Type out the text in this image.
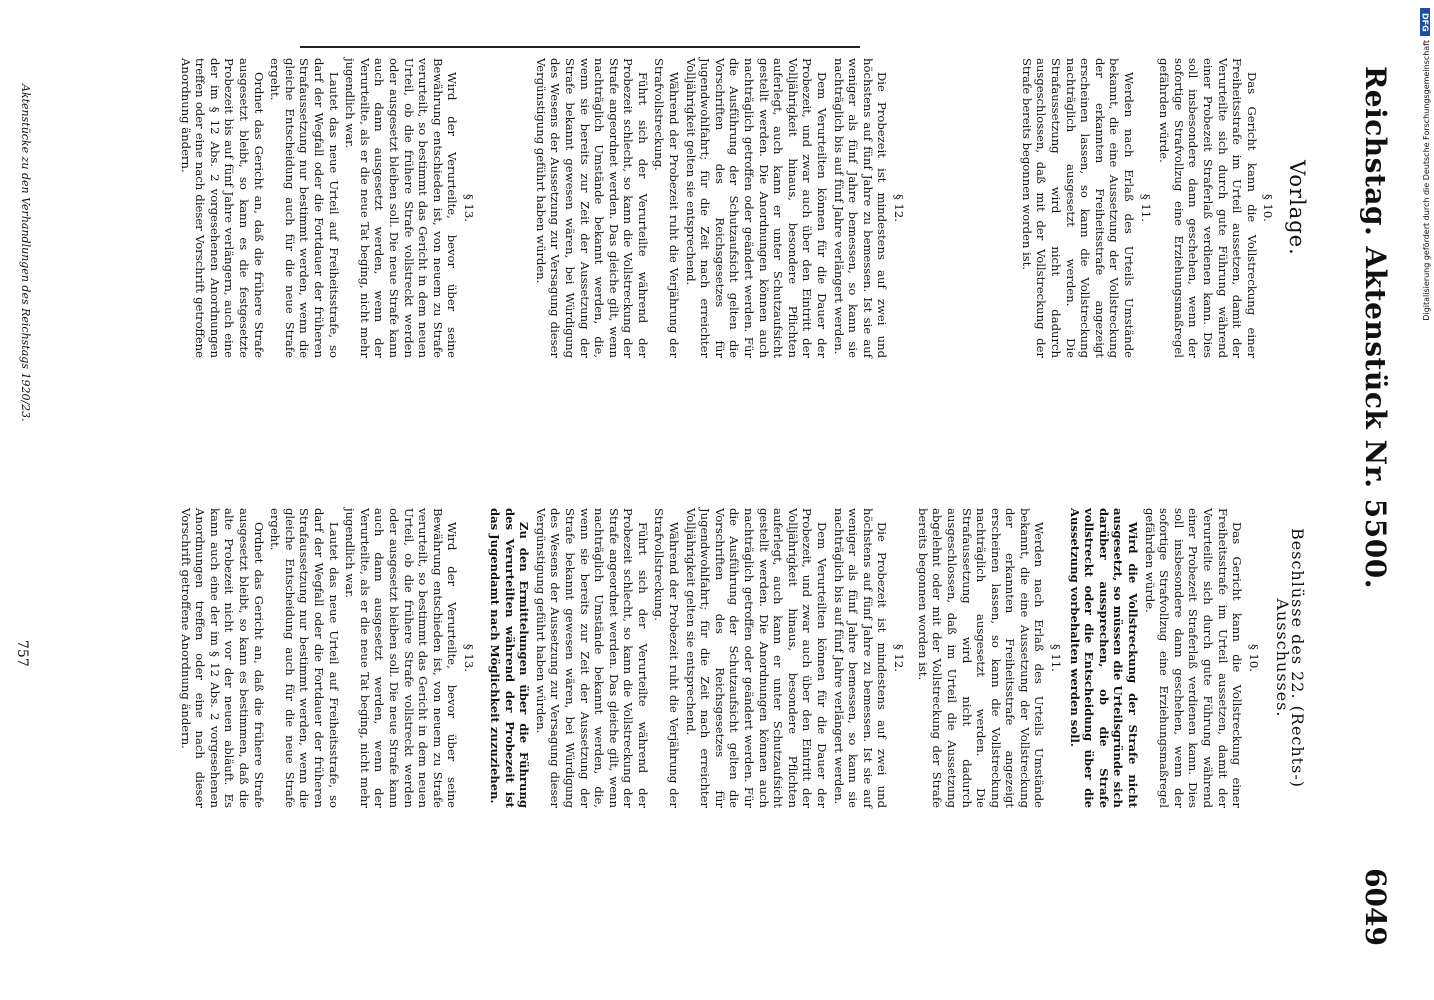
Reichstag. Aktenstück Nr. 5500.
6049
Vorlage.
§ 10.

Das Gericht kann die Vollstreckung einer Freiheitsstrafe im Urteil aussetzen, damit der Verurteilte sich durch gute Führung während einer Probezeit Straferlaß verdienen kann. Dies soll insbesondere dann geschehen, wenn der sofortige Strafvollzug eine Erziehungsmaßregel gefährden würde.

§ 11.

Werden nach Erlaß des Urteils Umstände bekannt, die eine Aussetzung der Vollstreckung der erkannten Freiheitsstrafe angezeigt erscheinen lassen, so kann die Vollstreckung nachträglich ausgesetzt werden. Die Strafaussetzung wird nicht dadurch ausgeschlossen, daß mit der Vollstreckung der Strafe bereits begonnen worden ist.

§ 12.

Die Probezeit ist mindestens auf zwei und höchstens auf fünf Jahre zu bemessen. Ist sie auf weniger als fünf Jahre bemessen, so kann sie nachträglich bis auf fünf Jahre verlängert werden.

Dem Verurteilten können für die Dauer der Probezeit, und zwar auch über den Eintritt der Volljährigkeit hinaus, besondere Pflichten auferlegt, auch kann er unter Schutzaufsicht gestellt werden. Die Anordnungen können auch nachträglich getroffen oder geändert werden. Für die Ausführung der Schutzaufsicht gelten die Vorschriften des Reichsgesetzes für Jugendwohlfahrt; für die Zeit nach erreichter Volljährigkeit gelten sie entsprechend.

Während der Probezeit ruht die Verjährung der Strafvollstreckung.

Führt sich der Verurteilte während der Probezeit schlecht, so kann die Vollstreckung der Strafe angeordnet werden. Das gleiche gilt, wenn nachträglich Umstände bekannt werden, die, wenn sie bereits zur Zeit der Aussetzung der Strafe bekannt gewesen wären, bei Würdigung des Wesens der Aussetzung zur Versagung dieser Vergünstigung geführt haben würden.

§ 13.

Wird der Verurteilte, bevor über seine Bewährung entschieden ist, von neuem zu Strafe verurteilt, so bestimmt das Gericht in dem neuen Urteil, ob die frühere Strafe vollstreckt werden oder ausgesetzt bleiben soll. Die neue Strafe kann auch dann ausgesetzt werden, wenn der Verurteilte, als er die neue Tat beging, nicht mehr jugendlich war.

Lautet das neue Urteil auf Freiheitsstrafe, so darf der Wegfall oder die Fortdauer der früheren Strafaussetzung nur bestimmt werden, wenn die gleiche Entscheidung auch für die neue Strafe ergeht.

Ordnet das Gericht an, daß die frühere Strafe ausgesetzt bleibt, so kann es die festgesetzte Probezeit bis auf fünf Jahre verlängern, auch eine der im § 12 Abs. 2 vorgesehenen Anordnungen treffen oder eine nach dieser Vorschrift getroffene Anordnung ändern.

Beschlüsse des 22. (Rechts-) Ausschusses.
§ 10.

Das Gericht kann die Vollstreckung einer Freiheitsstrafe im Urteil aussetzen, damit der Verurteilte sich durch gute Führung während einer Probezeit Straferlaß verdienen kann. Dies soll insbesondere dann geschehen, wenn der sofortige Strafvollzug eine Erziehungsmaßregel gefährden würde.

Wird die Vollstreckung der Strafe nicht ausgesetzt, so müssen die Urteilsgründe sich darüber aussprechen, ob die Strafe vollstreckt oder die Entscheidung über die Aussetzung vorbehalten werden soll.

§ 11.

Werden nach Erlaß des Urteils Umstände bekannt, die eine Aussetzung der Vollstreckung der erkannten Freiheitsstrafe angezeigt erscheinen lassen, so kann die Vollstreckung nachträglich ausgesetzt werden. Die Strafaussetzung wird nicht dadurch ausgeschlossen, daß im Urteil die Aussetzung abgelehnt oder mit der Vollstreckung der Strafe bereits begonnen worden ist.

§ 12.

Die Probezeit ist mindestens auf zwei und höchstens auf fünf Jahre zu bemessen. Ist sie auf weniger als fünf Jahre bemessen, so kann sie nachträglich bis auf fünf Jahre verlängert werden.

Dem Verurteilten können für die Dauer der Probezeit, und zwar auch über den Eintritt der Volljährigkeit hinaus, besondere Pflichten auferlegt, auch kann er unter Schutzaufsicht gestellt werden. Die Anordnungen können auch nachträglich getroffen oder geändert werden. Für die Ausführung der Schutzaufsicht gelten die Vorschriften des Reichsgesetzes für Jugendwohlfahrt; für die Zeit nach erreichter Volljährigkeit gelten sie entsprechend.

Während der Probezeit ruht die Verjährung der Strafvollstreckung.

Führt sich der Verurteilte während der Probezeit schlecht, so kann die Vollstreckung der Strafe angeordnet werden. Das gleiche gilt, wenn nachträglich Umstände bekannt werden, die, wenn sie bereits zur Zeit der Aussetzung der Strafe bekannt gewesen wären, bei Würdigung des Wesens der Aussetzung zur Versagung dieser Vergünstigung geführt haben würden.

Zu den Ermittelungen über die Führung des Verurteilten während der Probezeit ist das Jugendamt nach Möglichkeit zuzuziehen.

§ 13.

Wird der Verurteilte, bevor über seine Bewährung entschieden ist, von neuem zu Strafe verurteilt, so bestimmt das Gericht in dem neuen Urteil, ob die frühere Strafe vollstreckt werden oder ausgesetzt bleiben soll. Die neue Strafe kann auch dann ausgesetzt werden, wenn der Verurteilte, als er die neue Tat beging, nicht mehr jugendlich war.

Lautet das neue Urteil auf Freiheitsstrafe, so darf der Wegfall oder die Fortdauer der früheren Strafaussetzung nur bestimmt werden, wenn die gleiche Entscheidung auch für die neue Strafe ergeht.

Ordnet das Gericht an, daß die frühere Strafe ausgesetzt bleibt, so kann es bestimmen, daß die alte Probezeit nicht vor der neuen abläuft. Es kann auch eine der im § 12 Abs. 2 vorgesehenen Anordnungen treffen oder eine nach dieser Vorschrift getroffene Anordnung ändern.

Aktenstücke zu den Verhandlungen des Reichstags 1920/23.
757
DFG
Digitalisierung gefördert durch die Deutsche Forschungsgemeinschaft
